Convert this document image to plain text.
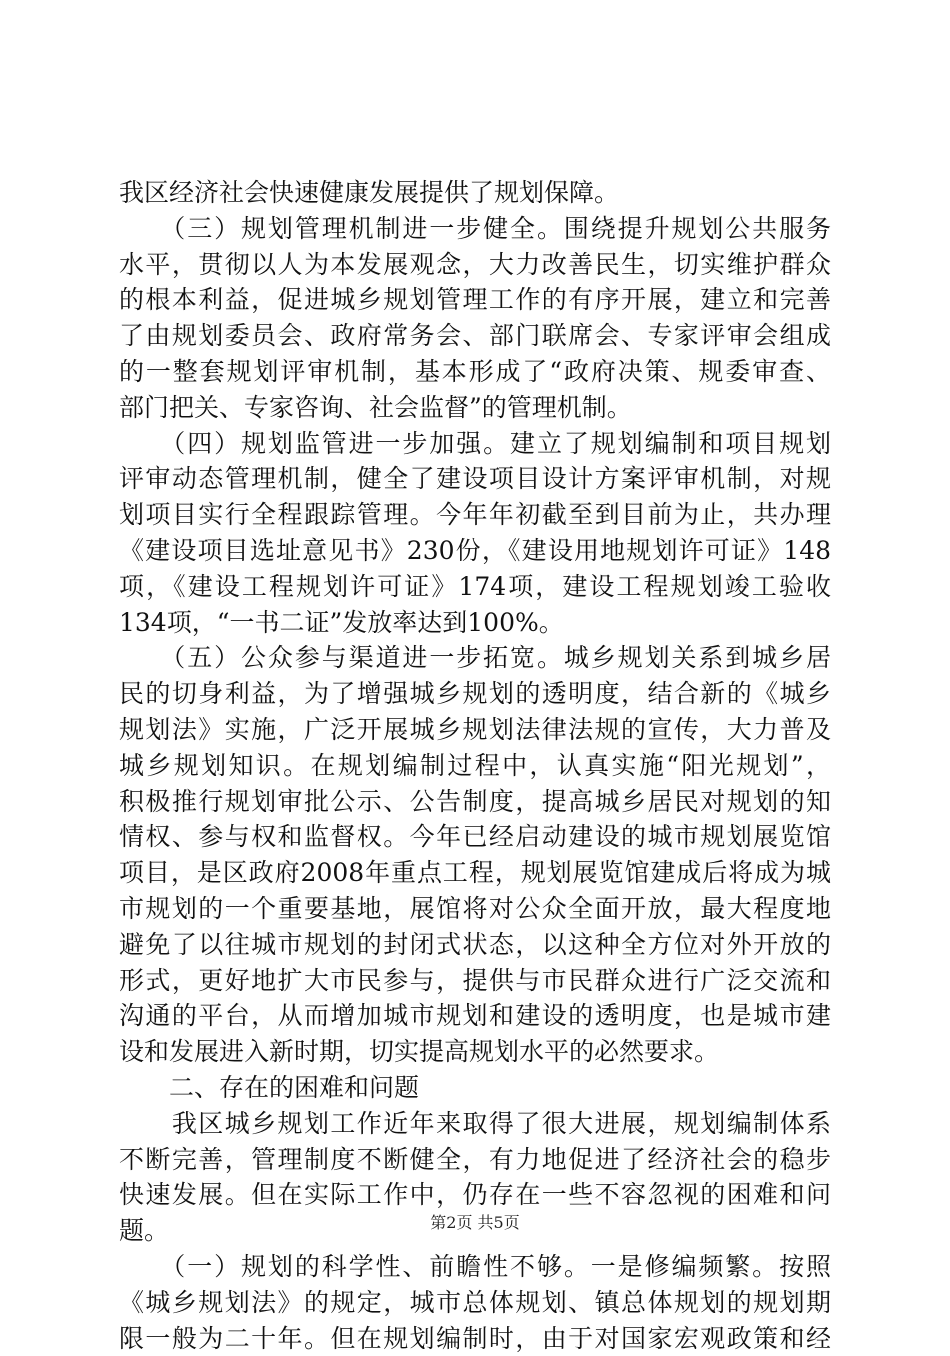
我区经济社会快速健康发展提供了规划保障。
　　（三）规划管理机制进一步健全。围绕提升规划公共服务
水平，贯彻以人为本发展观念，大力改善民生，切实维护群众
的根本利益，促进城乡规划管理工作的有序开展，建立和完善
了由规划委员会、政府常务会、部门联席会、专家评审会组成
的一整套规划评审机制，基本形成了“政府决策、规委审查、
部门把关、专家咨询、社会监督”的管理机制。
　　（四）规划监管进一步加强。建立了规划编制和项目规划
评审动态管理机制，健全了建设项目设计方案评审机制，对规
划项目实行全程跟踪管理。今年年初截至到目前为止，共办理
《建设项目选址意见书》230份，《建设用地规划许可证》148
项，《建设工程规划许可证》174项，建设工程规划竣工验收
134项，“一书二证”发放率达到100%。
　　（五）公众参与渠道进一步拓宽。城乡规划关系到城乡居
民的切身利益，为了增强城乡规划的透明度，结合新的《城乡
规划法》实施，广泛开展城乡规划法律法规的宣传，大力普及
城乡规划知识。在规划编制过程中，认真实施“阳光规划”，
积极推行规划审批公示、公告制度，提高城乡居民对规划的知
情权、参与权和监督权。今年已经启动建设的城市规划展览馆
项目，是区政府2008年重点工程，规划展览馆建成后将成为城
市规划的一个重要基地，展馆将对公众全面开放，最大程度地
避免了以往城市规划的封闭式状态，以这种全方位对外开放的
形式，更好地扩大市民参与，提供与市民群众进行广泛交流和
沟通的平台，从而增加城市规划和建设的透明度，也是城市建
设和发展进入新时期，切实提高规划水平的必然要求。
　　二、存在的困难和问题
　　我区城乡规划工作近年来取得了很大进展，规划编制体系
不断完善，管理制度不断健全，有力地促进了经济社会的稳步
快速发展。但在实际工作中，仍存在一些不容忽视的困难和问
题。
　　（一）规划的科学性、前瞻性不够。一是修编频繁。按照
《城乡规划法》的规定，城市总体规划、镇总体规划的规划期
限一般为二十年。但在规划编制时，由于对国家宏观政策和经
第2页 共5页
